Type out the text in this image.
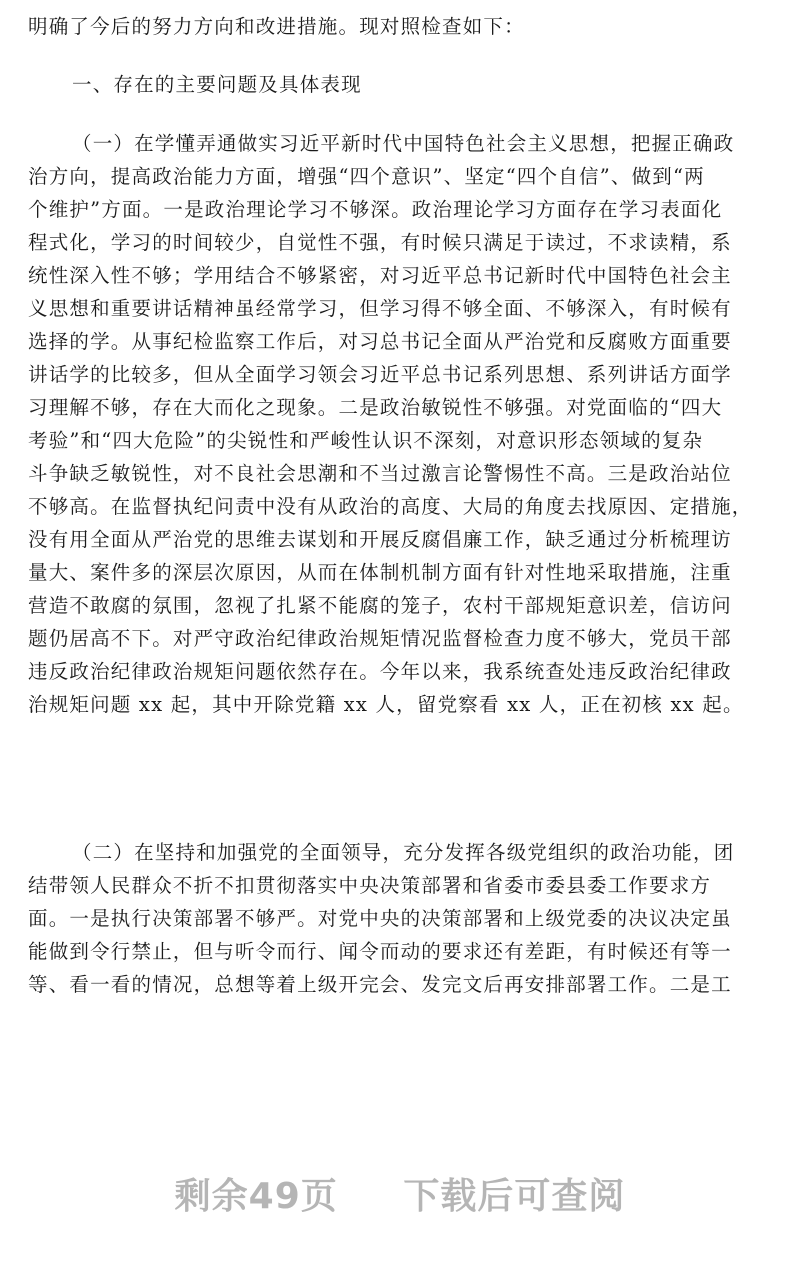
明确了今后的努力方向和改进措施。现对照检查如下：
一、存在的主要问题及具体表现
（一）在学懂弄通做实习近平新时代中国特色社会主义思想，把握正确政
治方向，提高政治能力方面，增强“四个意识”、坚定“四个自信”、做到“两
个维护”方面。一是政治理论学习不够深。政治理论学习方面存在学习表面化
程式化，学习的时间较少，自觉性不强，有时候只满足于读过，不求读精，系
统性深入性不够；学用结合不够紧密，对习近平总书记新时代中国特色社会主
义思想和重要讲话精神虽经常学习，但学习得不够全面、不够深入，有时候有
选择的学。从事纪检监察工作后，对习总书记全面从严治党和反腐败方面重要
讲话学的比较多，但从全面学习领会习近平总书记系列思想、系列讲话方面学
习理解不够，存在大而化之现象。二是政治敏锐性不够强。对党面临的“四大
考验”和“四大危险”的尖锐性和严峻性认识不深刻，对意识形态领域的复杂
斗争缺乏敏锐性，对不良社会思潮和不当过激言论警惕性不高。三是政治站位
不够高。在监督执纪问责中没有从政治的高度、大局的角度去找原因、定措施，
没有用全面从严治党的思维去谋划和开展反腐倡廉工作，缺乏通过分析梳理访
量大、案件多的深层次原因，从而在体制机制方面有针对性地采取措施，注重
营造不敢腐的氛围，忽视了扎紧不能腐的笼子，农村干部规矩意识差，信访问
题仍居高不下。对严守政治纪律政治规矩情况监督检查力度不够大，党员干部
违反政治纪律政治规矩问题依然存在。今年以来，我系统查处违反政治纪律政
治规矩问题 xx 起，其中开除党籍 xx 人，留党察看 xx 人，正在初核 xx 起。
（二）在坚持和加强党的全面领导，充分发挥各级党组织的政治功能，团
结带领人民群众不折不扣贯彻落实中央决策部署和省委市委县委工作要求方
面。一是执行决策部署不够严。对党中央的决策部署和上级党委的决议决定虽
能做到令行禁止，但与听令而行、闻令而动的要求还有差距，有时候还有等一
等、看一看的情况，总想等着上级开完会、发完文后再安排部署工作。二是工
剩余49页 下载后可查阅
